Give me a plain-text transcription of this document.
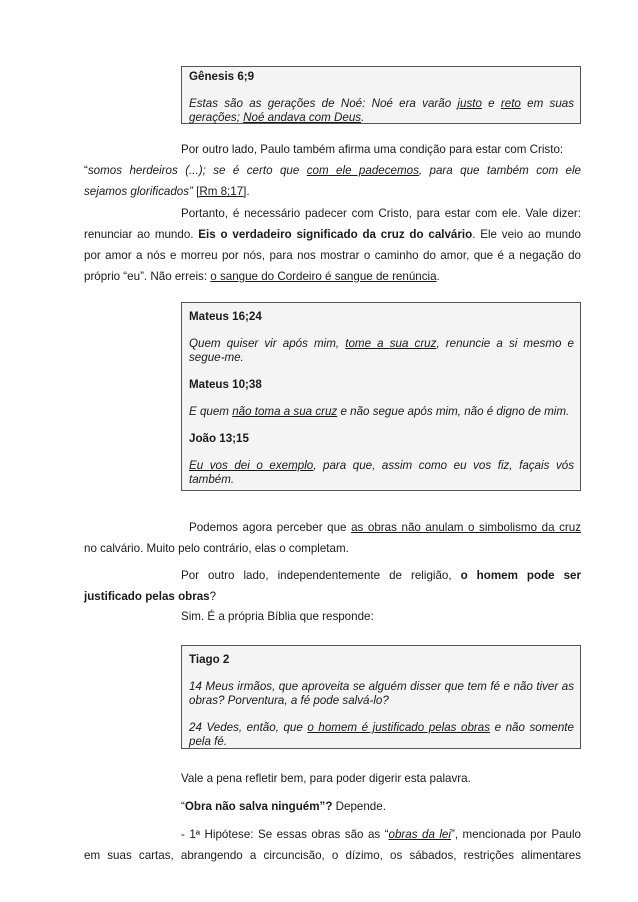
Gênesis 6;9

Estas são as gerações de Noé: Noé era varão justo e reto em suas gerações; Noé andava com Deus.

Por outro lado, Paulo também afirma uma condição para estar com Cristo:

“somos herdeiros (...); se é certo que com ele padecemos, para que também com ele

sejamos glorificados” [Rm 8;17].

Portanto, é necessário padecer com Cristo, para estar com ele. Vale dizer:

renunciar ao mundo. Eis o verdadeiro significado da cruz do calvário. Ele veio ao mundo

por amor a nós e morreu por nós, para nos mostrar o caminho do amor, que é a negação do

próprio “eu”. Não erreis: o sangue do Cordeiro é sangue de renúncia.

Mateus 16;24

Quem quiser vir após mim, tome a sua cruz, renuncie a si mesmo e segue-me.

Mateus 10;38

E quem não toma a sua cruz e não segue após mim, não é digno de mim.

João 13;15

Eu vos dei o exemplo, para que, assim como eu vos fiz, façais vós também.

Podemos agora perceber que as obras não anulam o simbolismo da cruz

no calvário. Muito pelo contrário, elas o completam.

Por outro lado, independentemente de religião, o homem pode ser

justificado pelas obras?

Sim. É a própria Bíblia que responde:

Tiago 2

14 Meus irmãos, que aproveita se alguém disser que tem fé e não tiver as obras? Porventura, a fé pode salvá-lo?

24 Vedes, então, que o homem é justificado pelas obras e não somente pela fé.

Vale a pena refletir bem, para poder digerir esta palavra.

“Obra não salva ninguém”? Depende.

- 1ª Hipótese: Se essas obras são as “obras da lei”, mencionada por Paulo

em suas cartas, abrangendo a circuncisão, o dízimo, os sábados, restrições alimentares
